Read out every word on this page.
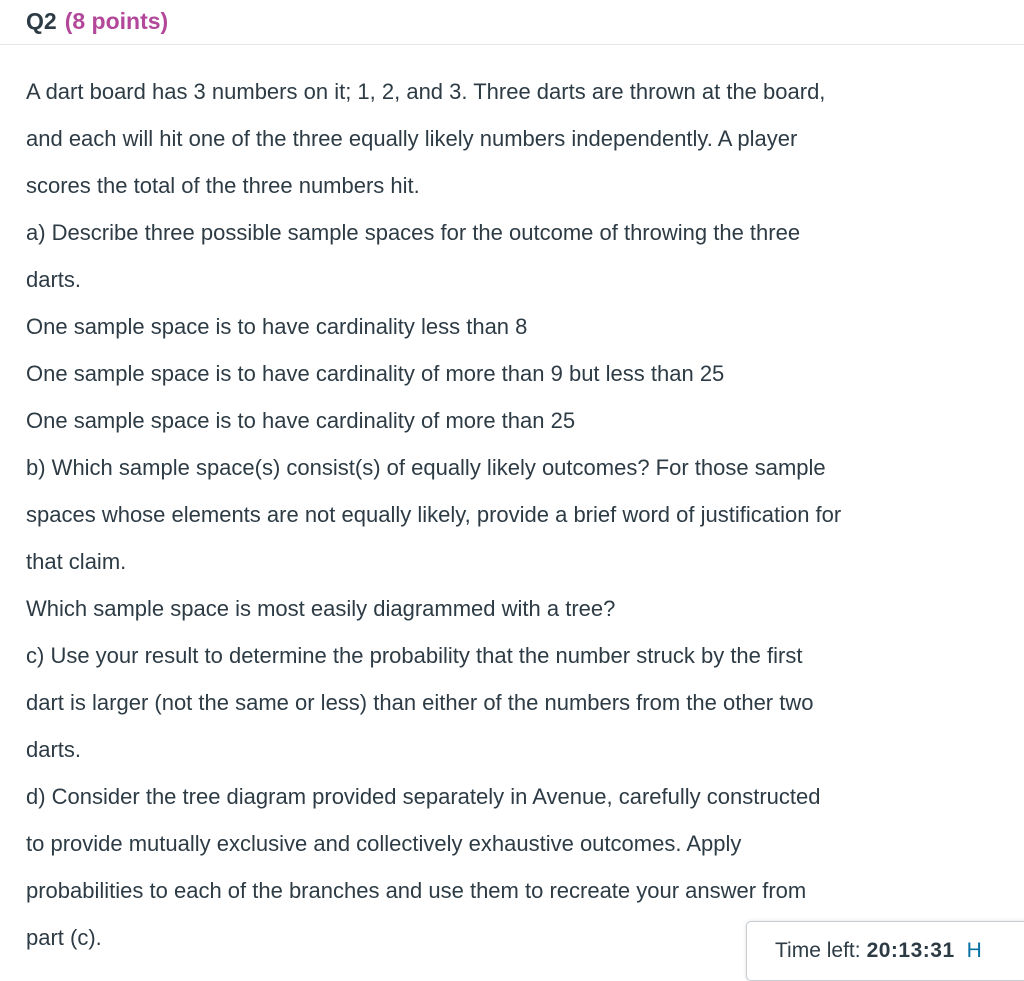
Q2 (8 points)
A dart board has 3 numbers on it; 1, 2, and 3. Three darts are thrown at the board,
and each will hit one of the three equally likely numbers independently. A player
scores the total of the three numbers hit.
a) Describe three possible sample spaces for the outcome of throwing the three
darts.
One sample space is to have cardinality less than 8
One sample space is to have cardinality of more than 9 but less than 25
One sample space is to have cardinality of more than 25
b) Which sample space(s) consist(s) of equally likely outcomes? For those sample
spaces whose elements are not equally likely, provide a brief word of justification for
that claim.
Which sample space is most easily diagrammed with a tree?
c) Use your result to determine the probability that the number struck by the first
dart is larger (not the same or less) than either of the numbers from the other two
darts.
d) Consider the tree diagram provided separately in Avenue, carefully constructed
to provide mutually exclusive and collectively exhaustive outcomes. Apply
probabilities to each of the branches and use them to recreate your answer from
part (c).
Time left: 20:13:31 H
